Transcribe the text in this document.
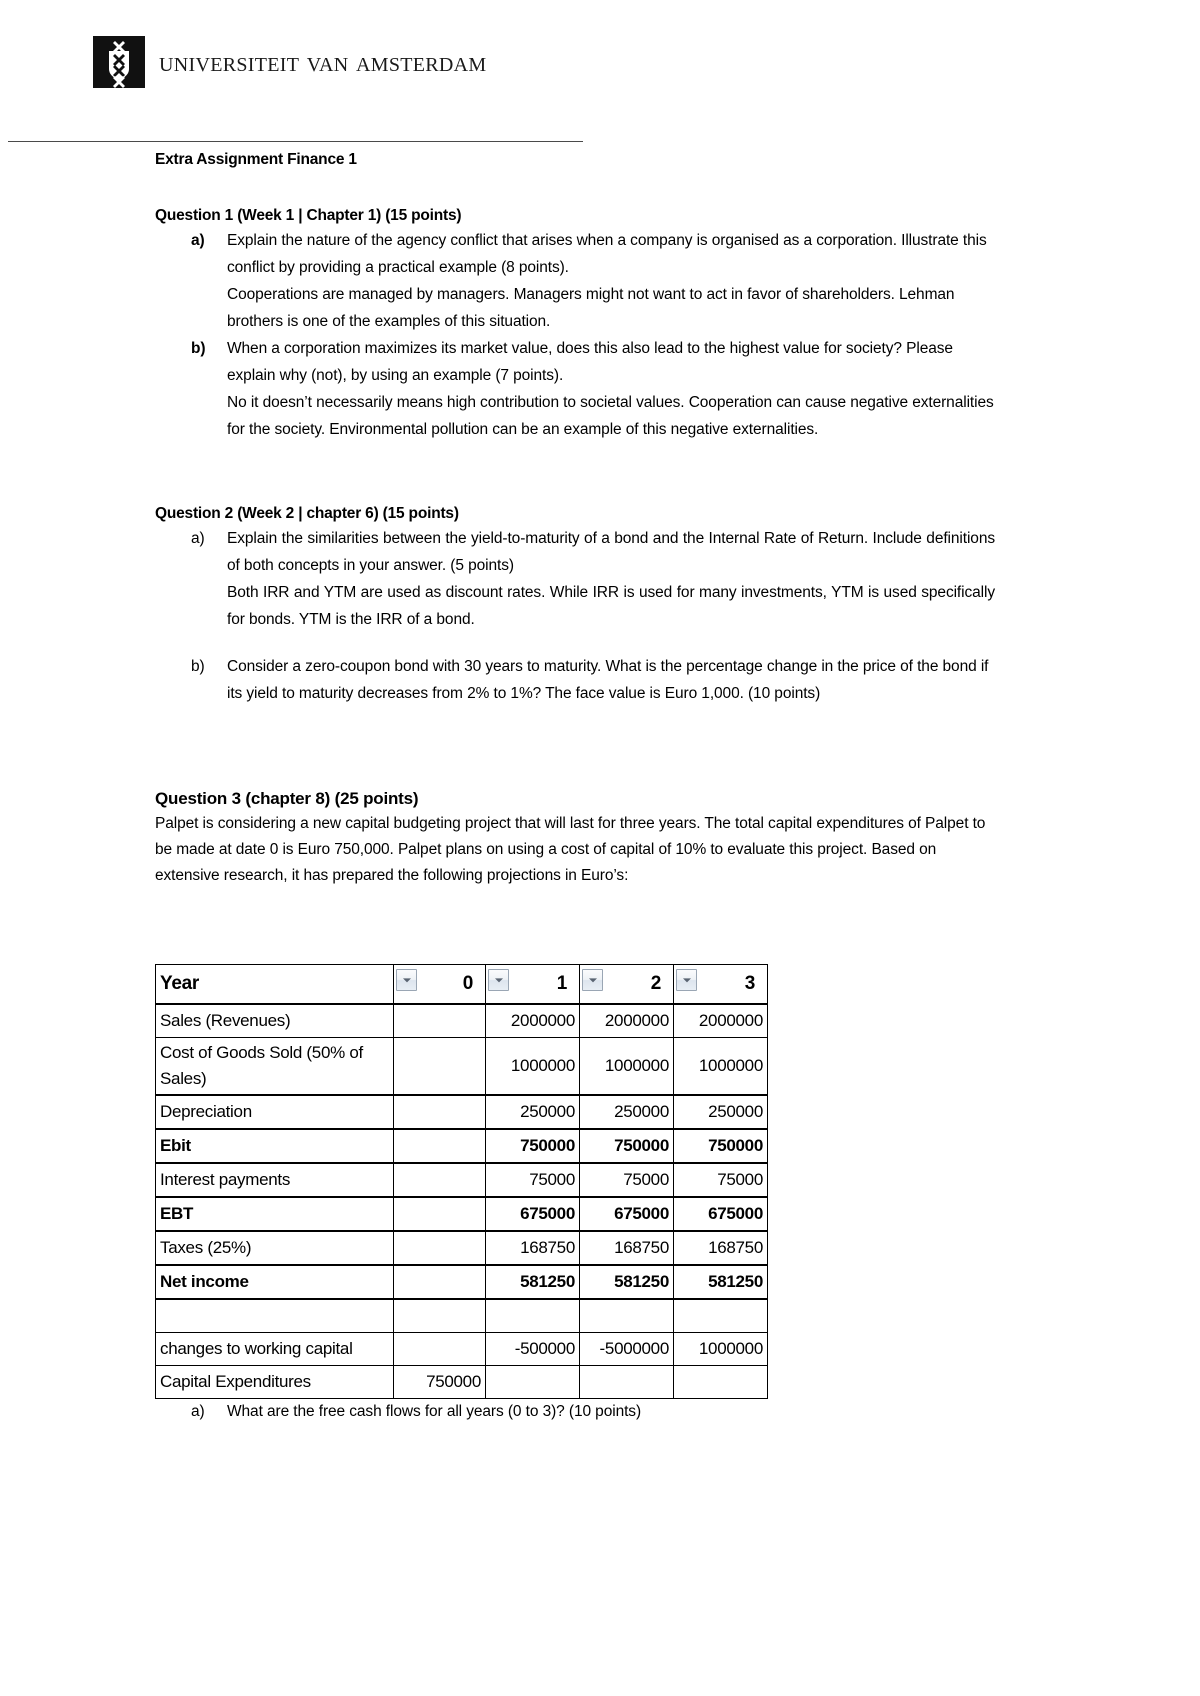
universiteit van amsterdam
Extra Assignment Finance 1
Question 1 (Week 1 | Chapter 1) (15 points)
a) Explain the nature of the agency conflict that arises when a company is organised as a corporation. Illustrate this conflict by providing a practical example (8 points).

Cooperations are managed by managers. Managers might not want to act in favor of shareholders. Lehman brothers is one of the examples of this situation.

b) When a corporation maximizes its market value, does this also lead to the highest value for society? Please explain why (not), by using an example (7 points).

No it doesn’t necessarily means high contribution to societal values. Cooperation can cause negative externalities for the society. Environmental pollution can be an example of this negative externalities.

Question 2 (Week 2 | chapter 6) (15 points)
a) Explain the similarities between the yield-to-maturity of a bond and the Internal Rate of Return. Include definitions of both concepts in your answer. (5 points)

Both IRR and YTM are used as discount rates. While IRR is used for many investments, YTM is used specifically for bonds. YTM is the IRR of a bond.

b) Consider a zero-coupon bond with 30 years to maturity. What is the percentage change in the price of the bond if its yield to maturity decreases from 2% to 1%? The face value is Euro 1,000. (10 points)

Question 3 (chapter 8) (25 points)

Palpet is considering a new capital budgeting project that will last for three years. The total capital expenditures of Palpet to be made at date 0 is Euro 750,000. Palpet plans on using a cost of capital of 10% to evaluate this project. Based on extensive research, it has prepared the following projections in Euro’s:

Year	0	1	2	3

Sales (Revenues)		2000000	2000000	2000000
Cost of Goods Sold (50% of Sales)		1000000	1000000	1000000
Depreciation		250000	250000	250000
Ebit		750000	750000	750000
Interest payments		75000	75000	75000
EBT		675000	675000	675000
Taxes (25%)		168750	168750	168750
Net income		581250	581250	581250

changes to working capital		-500000	-5000000	1000000
Capital Expenditures	750000			
a) What are the free cash flows for all years (0 to 3)? (10 points)
